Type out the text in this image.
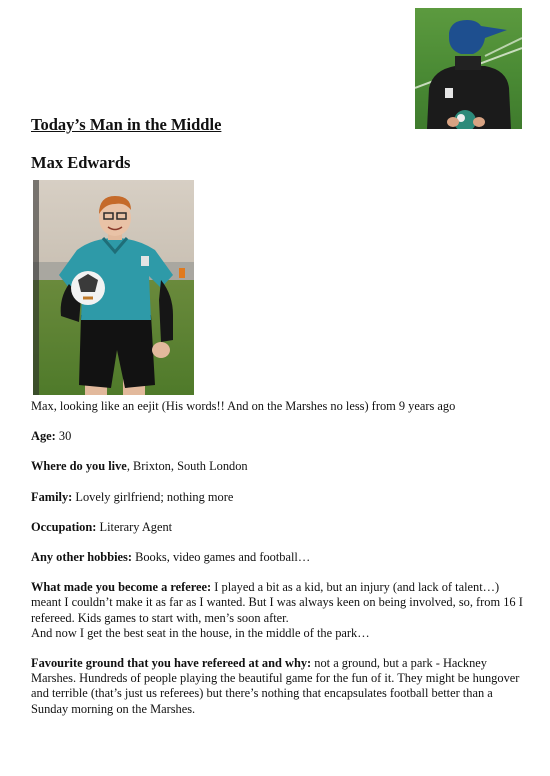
Today’s Man in the Middle
Max Edwards

Max, looking like an eejit (His words!! And on the Marshes no less) from 9 years ago

Age: 30

Where do you live, Brixton, South London

Family: Lovely girlfriend; nothing more

Occupation: Literary Agent

Any other hobbies: Books, video games and football…

What made you become a referee: I played a bit as a kid, but an injury (and lack of talent…) meant I couldn’t make it as far as I wanted. But I was always keen on being involved, so, from 16 I refereed. Kids games to start with, men’s soon after.
And now I get the best seat in the house, in the middle of the park…

Favourite ground that you have refereed at and why: not a ground, but a park - Hackney Marshes. Hundreds of people playing the beautiful game for the fun of it. They might be hungover and terrible (that’s just us referees) but there’s nothing that encapsulates football better than a Sunday morning on the Marshes.
